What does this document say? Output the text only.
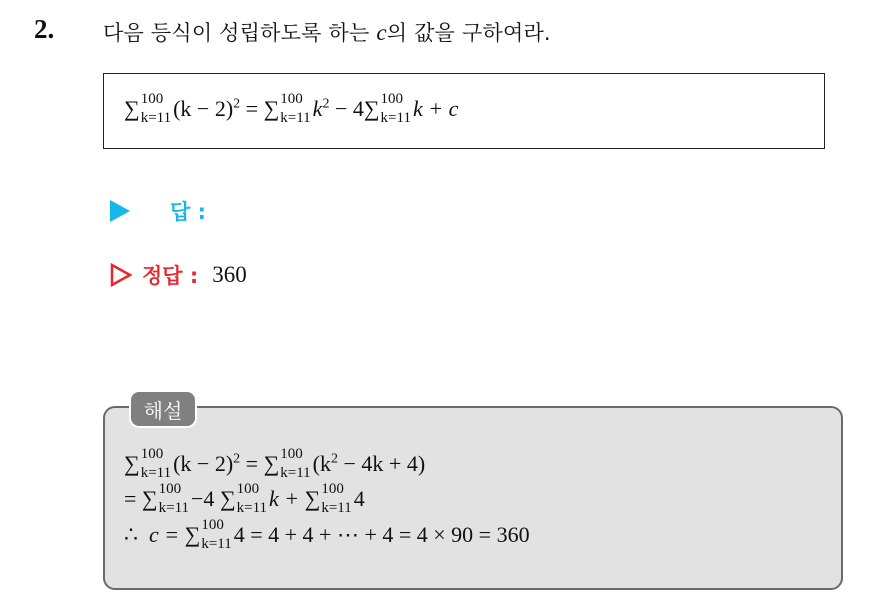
2. 다음 등식이 성립하도록 하는 c의 값을 구하여라.
∑ 100
k=11 $(k - 2)^2$ = ∑ 100
k=11 $k^2 - 4$ ∑ 100
k=11 k + c
답 :
정답 : 360
해설
∑ 100
k=11 $(k - 2)^2$ = ∑ 100
k=11 $(k^2 - 4k + 4)$
= ∑ 100
k=11 −4 ∑ 100
k=11 k + ∑ 100
k=11 4
∴ c = ∑ 100
k=11 4 = 4 + 4 + ⋯ + 4 = 4 × 90 = 360
